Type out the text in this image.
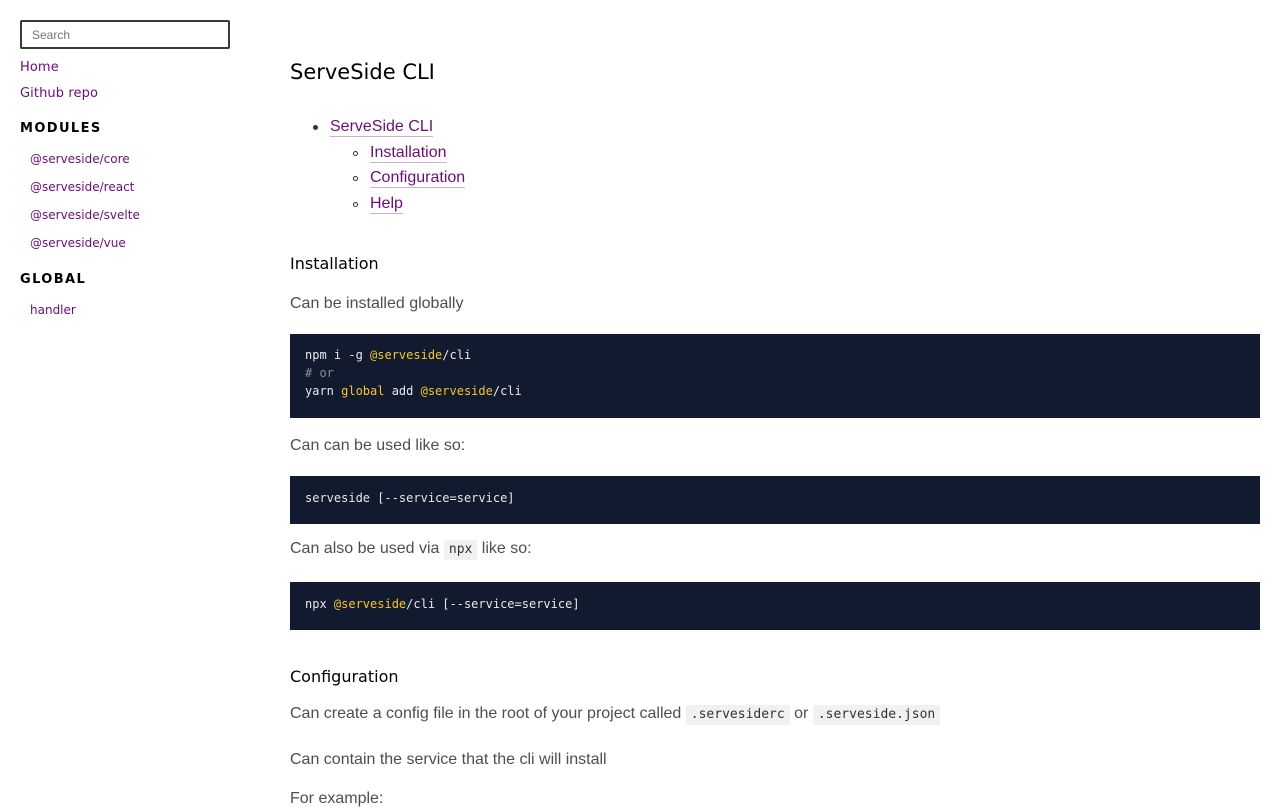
Search
Home
Github repo
MODULES
@serveside/core
@serveside/react
@serveside/svelte
@serveside/vue
GLOBAL
handler
ServeSide CLI
ServeSide CLI
Installation
Configuration
Help
Installation

Can be installed globally

npm i -g @serveside/cli
# or
yarn global add @serveside/cli

Can can be used like so:

serveside [--service=service]

Can also be used via npx like so:

npx @serveside/cli [--service=service]
Configuration

Can create a config file in the root of your project called .servesiderc or .serveside.json

Can contain the service that the cli will install

For example:
